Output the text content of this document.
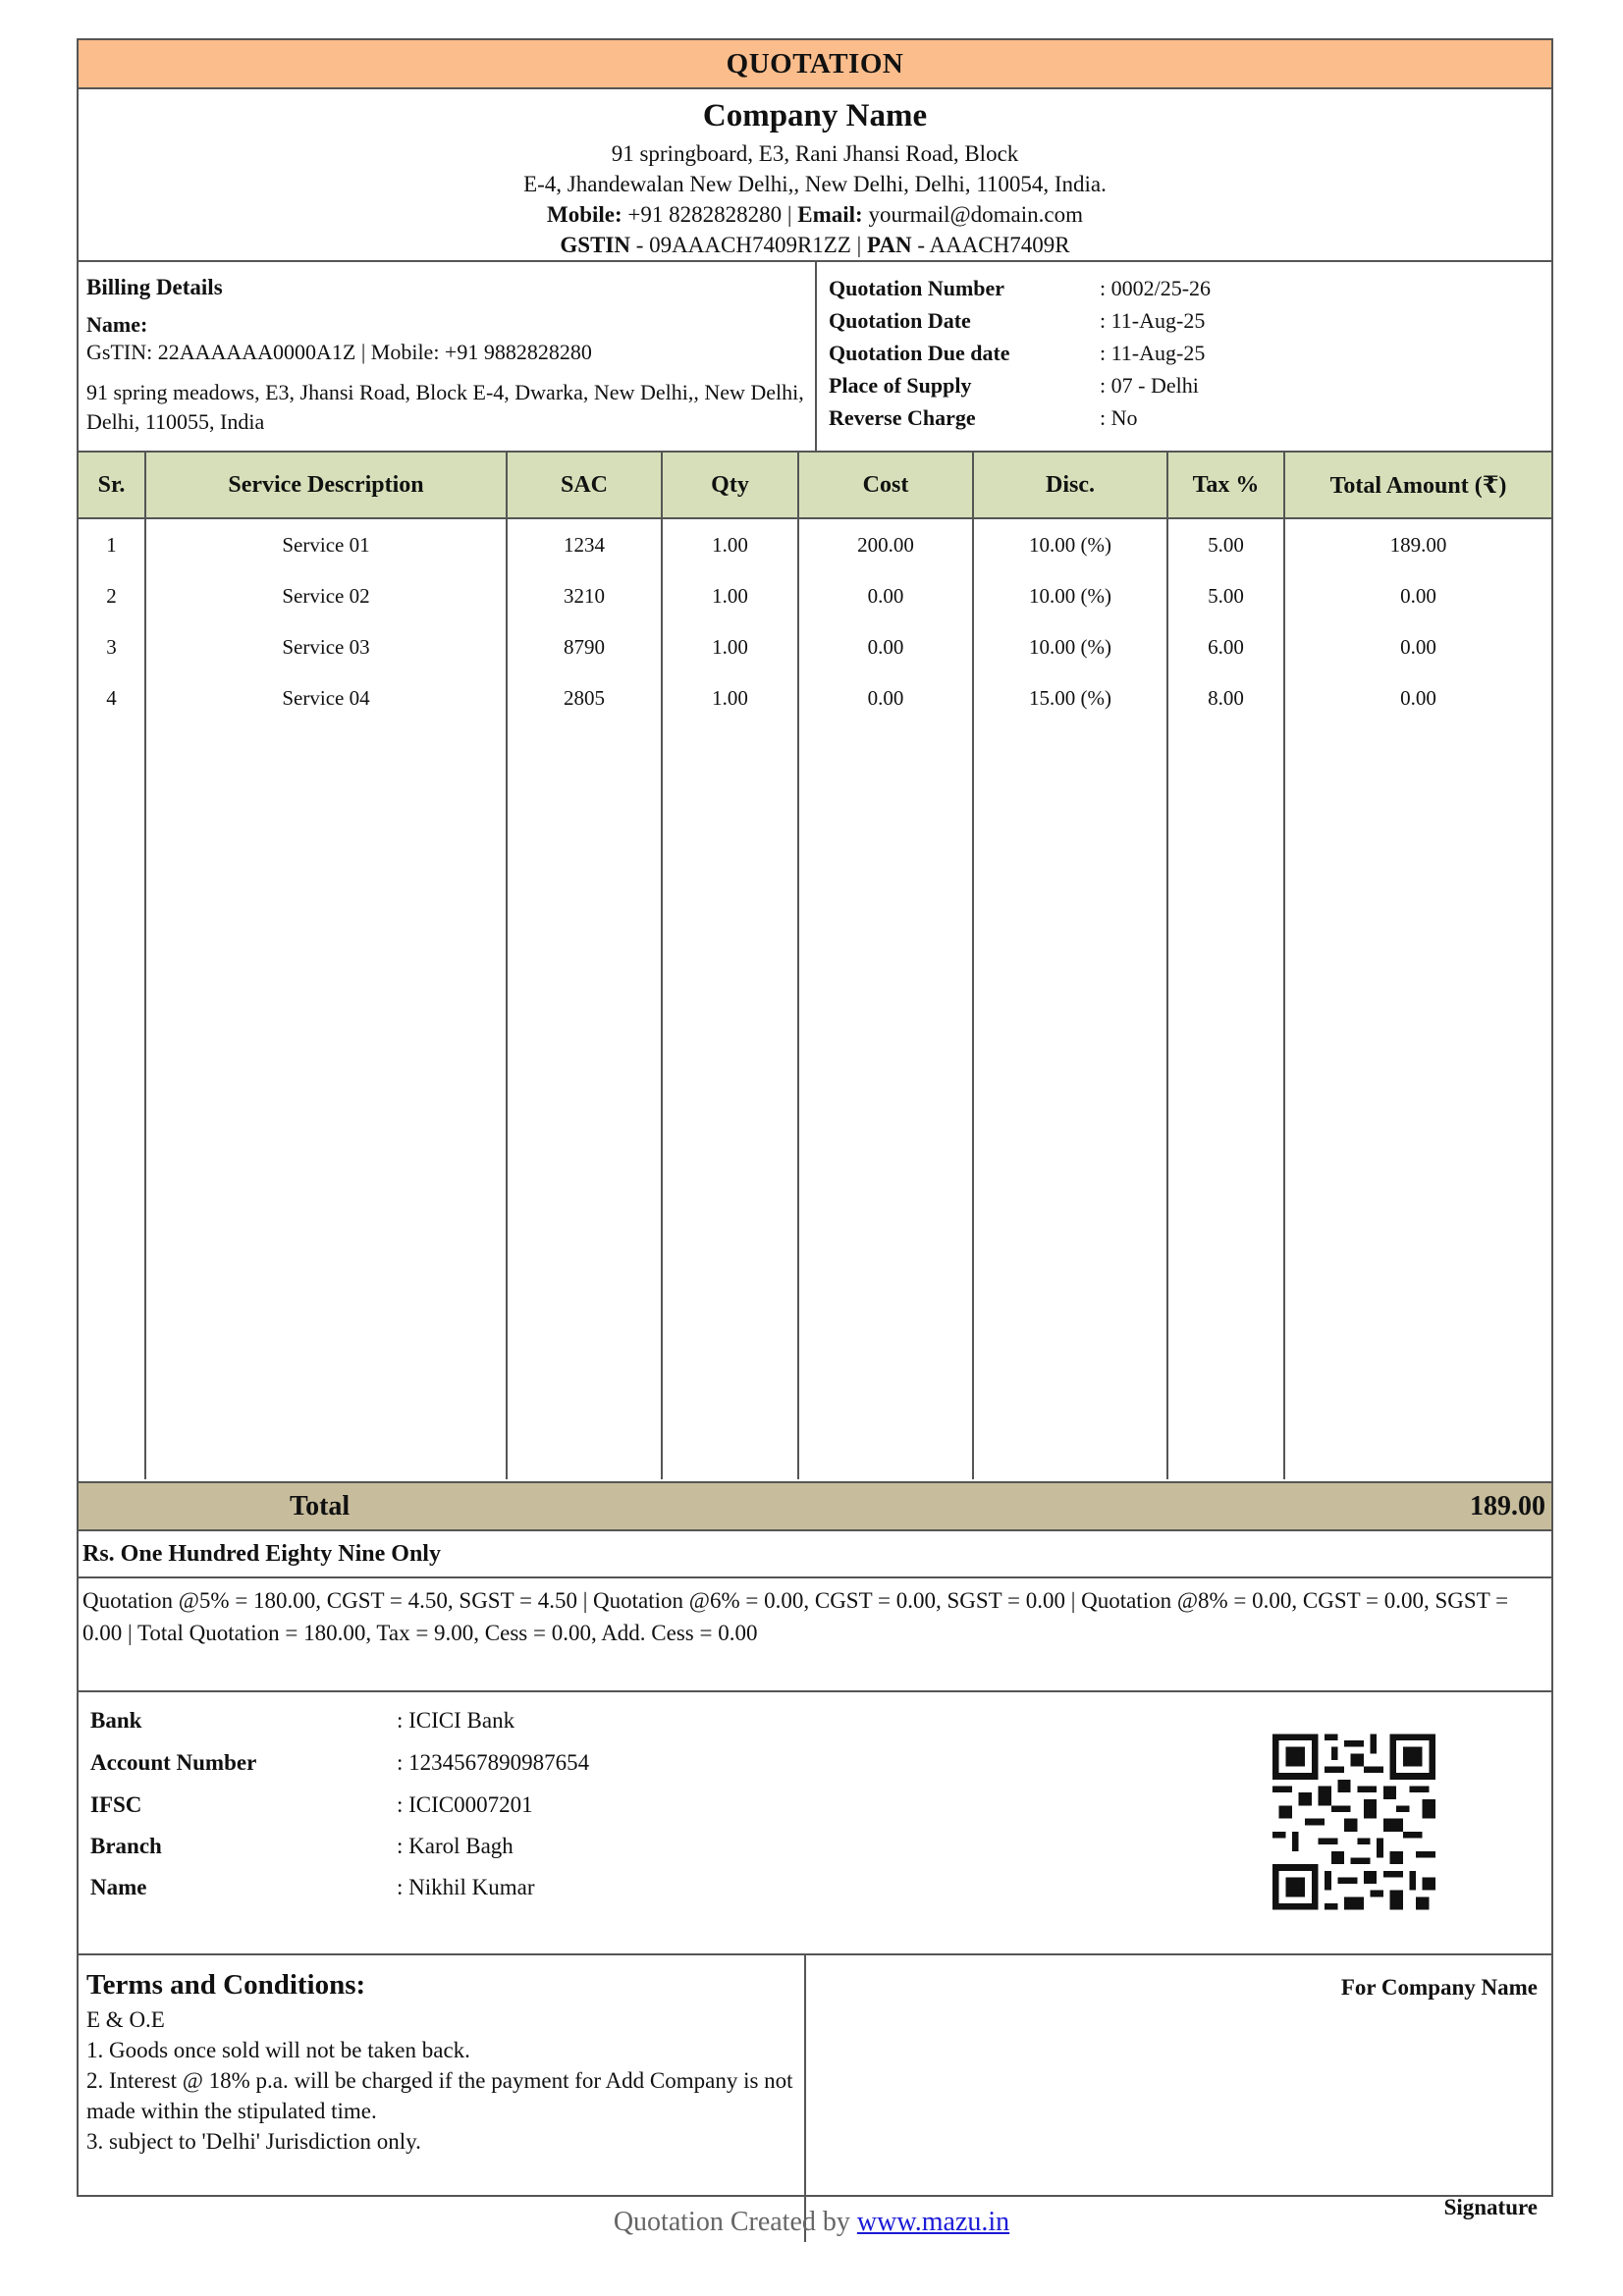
QUOTATION
Company Name
91 springboard, E3, Rani Jhansi Road, Block
E-4, Jhandewalan New Delhi,, New Delhi, Delhi, 110054, India.
Mobile: +91 8282828280 | Email: yourmail@domain.com
GSTIN - 09AAACH7409R1ZZ | PAN - AAACH7409R
Billing Details
Name:
GsTIN: 22AAAAAA0000A1Z | Mobile: +91 9882828280
91 spring meadows, E3, Jhansi Road, Block E-4, Dwarka, New Delhi,, New Delhi, Delhi, 110055, India
Quotation Number	: 0002/25-26
Quotation Date	: 11-Aug-25
Quotation Due date	: 11-Aug-25
Place of Supply	: 07 - Delhi
Reverse Charge	: No
Sr.	Service Description	SAC	Qty	Cost	Disc.	Tax %	Total Amount (₹)
1	Service 01	1234	1.00	200.00	10.00 (%)	5.00	189.00
2	Service 02	3210	1.00	0.00	10.00 (%)	5.00	0.00
3	Service 03	8790	1.00	0.00	10.00 (%)	6.00	0.00
4	Service 04	2805	1.00	0.00	15.00 (%)	8.00	0.00

Total	189.00
Rs. One Hundred Eighty Nine Only
Quotation @5% = 180.00, CGST = 4.50, SGST = 4.50 | Quotation @6% = 0.00, CGST = 0.00, SGST = 0.00 | Quotation @8% = 0.00, CGST = 0.00, SGST = 0.00 | Total Quotation = 180.00, Tax = 9.00, Cess = 0.00, Add. Cess = 0.00
Bank	: ICICI Bank
Account Number	: 1234567890987654
IFSC	: ICIC0007201
Branch	: Karol Bagh
Name	: Nikhil Kumar
Terms and Conditions:
E & O.E
1. Goods once sold will not be taken back.
2. Interest @ 18% p.a. will be charged if the payment for Add Company is not made within the stipulated time.
3. subject to 'Delhi' Jurisdiction only.
For Company Name
Signature
Quotation Created by www.mazu.in
